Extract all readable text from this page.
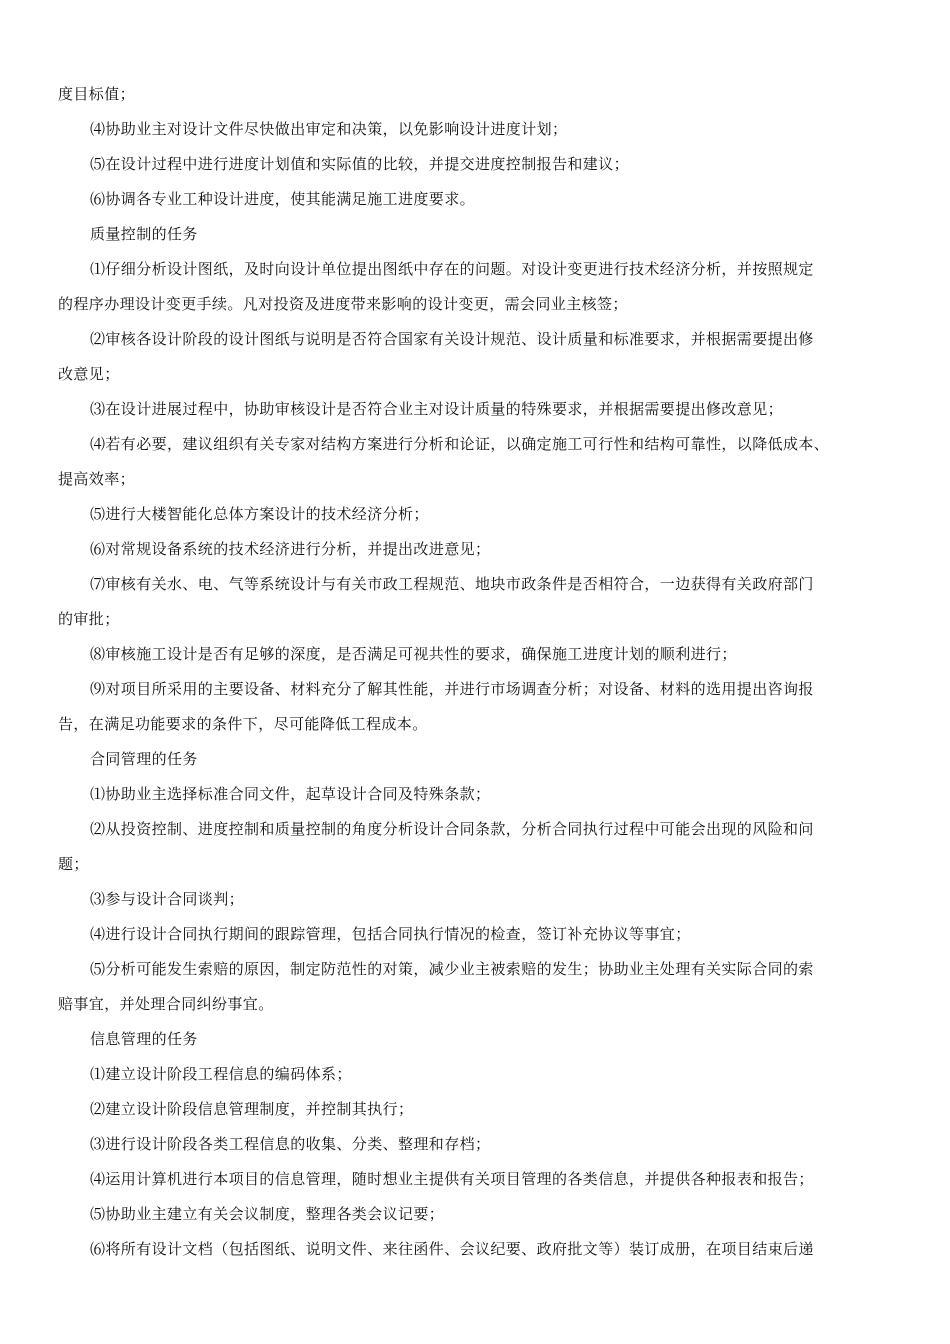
度目标值；

⑷协助业主对设计文件尽快做出审定和决策，以免影响设计进度计划；

⑸在设计过程中进行进度计划值和实际值的比较，并提交进度控制报告和建议；

⑹协调各专业工种设计进度，使其能满足施工进度要求。

质量控制的任务

⑴仔细分析设计图纸，及时向设计单位提出图纸中存在的问题。对设计变更进行技术经济分析，并按照规定

的程序办理设计变更手续。凡对投资及进度带来影响的设计变更，需会同业主核签；

⑵审核各设计阶段的设计图纸与说明是否符合国家有关设计规范、设计质量和标准要求，并根据需要提出修

改意见；

⑶在设计进展过程中，协助审核设计是否符合业主对设计质量的特殊要求，并根据需要提出修改意见；

⑷若有必要，建议组织有关专家对结构方案进行分析和论证，以确定施工可行性和结构可靠性，以降低成本、

提高效率；

⑸进行大楼智能化总体方案设计的技术经济分析；

⑹对常规设备系统的技术经济进行分析，并提出改进意见；

⑺审核有关水、电、气等系统设计与有关市政工程规范、地块市政条件是否相符合，一边获得有关政府部门

的审批；

⑻审核施工设计是否有足够的深度，是否满足可视共性的要求，确保施工进度计划的顺利进行；

⑼对项目所采用的主要设备、材料充分了解其性能，并进行市场调查分析；对设备、材料的选用提出咨询报

告，在满足功能要求的条件下，尽可能降低工程成本。

合同管理的任务

⑴协助业主选择标准合同文件，起草设计合同及特殊条款；

⑵从投资控制、进度控制和质量控制的角度分析设计合同条款，分析合同执行过程中可能会出现的风险和问

题；

⑶参与设计合同谈判；

⑷进行设计合同执行期间的跟踪管理，包括合同执行情况的检查，签订补充协议等事宜；

⑸分析可能发生索赔的原因，制定防范性的对策，减少业主被索赔的发生；协助业主处理有关实际合同的索

赔事宜，并处理合同纠纷事宜。

信息管理的任务

⑴建立设计阶段工程信息的编码体系；

⑵建立设计阶段信息管理制度，并控制其执行；

⑶进行设计阶段各类工程信息的收集、分类、整理和存档；

⑷运用计算机进行本项目的信息管理，随时想业主提供有关项目管理的各类信息，并提供各种报表和报告；

⑸协助业主建立有关会议制度，整理各类会议记要；

⑹将所有设计文档（包括图纸、说明文件、来往函件、会议纪要、政府批文等）装订成册，在项目结束后递
